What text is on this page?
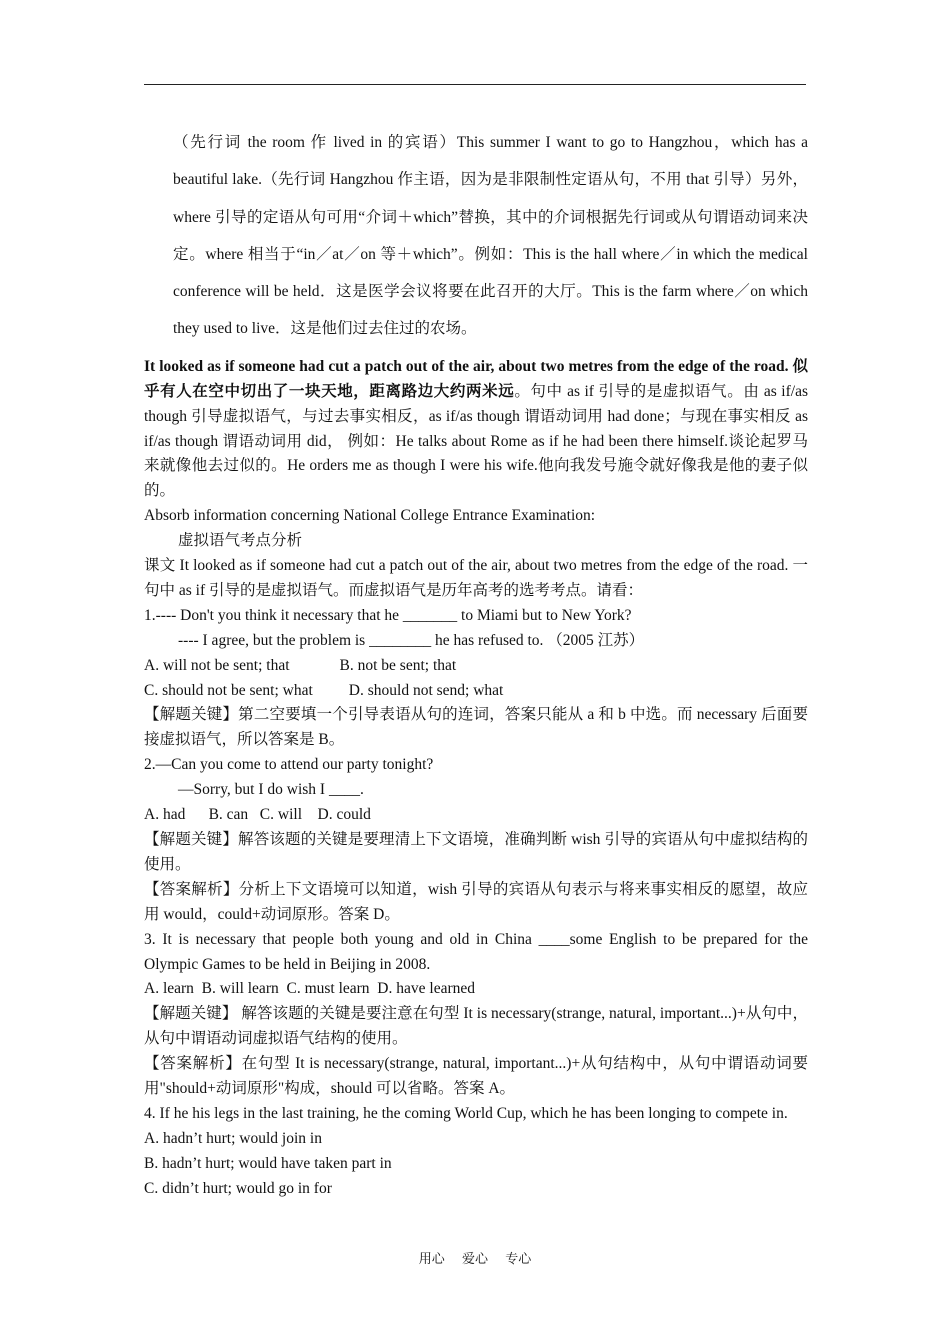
（先行词 the room 作 lived in 的宾语）This summer I want to go to Hangzhou，which has a beautiful lake.（先行词 Hangzhou 作主语，因为是非限制性定语从句，不用 that 引导）另外，where 引导的定语从句可用“介词＋which”替换，其中的介词根据先行词或从句谓语动词来决定。where 相当于“in／at／on 等＋which”。例如：This is the hall where／in which the medical conference will be held．这是医学会议将要在此召开的大厅。This is the farm where／on which they used to live．这是他们过去住过的农场。

It looked as if someone had cut a patch out of the air, about two metres from the edge of the road. 似乎有人在空中切出了一块天地，距离路边大约两米远。句中 as if 引导的是虚拟语气。由 as if/as though 引导虚拟语气，与过去事实相反，as if/as though 谓语动词用 had done；与现在事实相反 as if/as though 谓语动词用 did， 例如：He talks about Rome as if he had been there himself.谈论起罗马来就像他去过似的。He orders me as though I were his wife.他向我发号施令就好像我是他的妻子似的。

Absorb information concerning National College Entrance Examination:

虚拟语气考点分析

课文 It looked as if someone had cut a patch out of the air, about two metres from the edge of the road. 一句中 as if 引导的是虚拟语气。而虚拟语气是历年高考的选考考点。请看：

1.---- Don't you think it necessary that he _______ to Miami but to New York?

---- I agree, but the problem is ________ he has refused to. （2005 江苏）

A. will not be sent; that	B. not be sent; that

C. should not be sent; what D. should not send; what

【解题关键】第二空要填一个引导表语从句的连词，答案只能从 a 和 b 中选。而 necessary 后面要接虚拟语气，所以答案是 B。

2.—Can you come to attend our party tonight?

—Sorry, but I do wish I ____.

A. had      B. can   C. will    D. could

【解题关键】解答该题的关键是要理清上下文语境，准确判断 wish 引导的宾语从句中虚拟结构的使用。

【答案解析】分析上下文语境可以知道，wish 引导的宾语从句表示与将来事实相反的愿望，故应用 would，could+动词原形。答案 D。

3. It is necessary that people both young and old in China ____some English to be prepared for the Olympic Games to be held in Beijing in 2008.

A. learn  B. will learn  C. must learn  D. have learned

【解题关键】 解答该题的关键是要注意在句型 It is necessary(strange, natural, important...)+从句中，从句中谓语动词虚拟语气结构的使用。

【答案解析】在句型 It is necessary(strange, natural, important...)+从句结构中，从句中谓语动词要用"should+动词原形"构成，should 可以省略。答案 A。

4. If he his legs in the last training, he the coming World Cup, which he has been longing to compete in.

A. hadn’t hurt; would join in

B. hadn’t hurt; would have taken part in

C. didn’t hurt; would go in for

用心 爱心 专心
